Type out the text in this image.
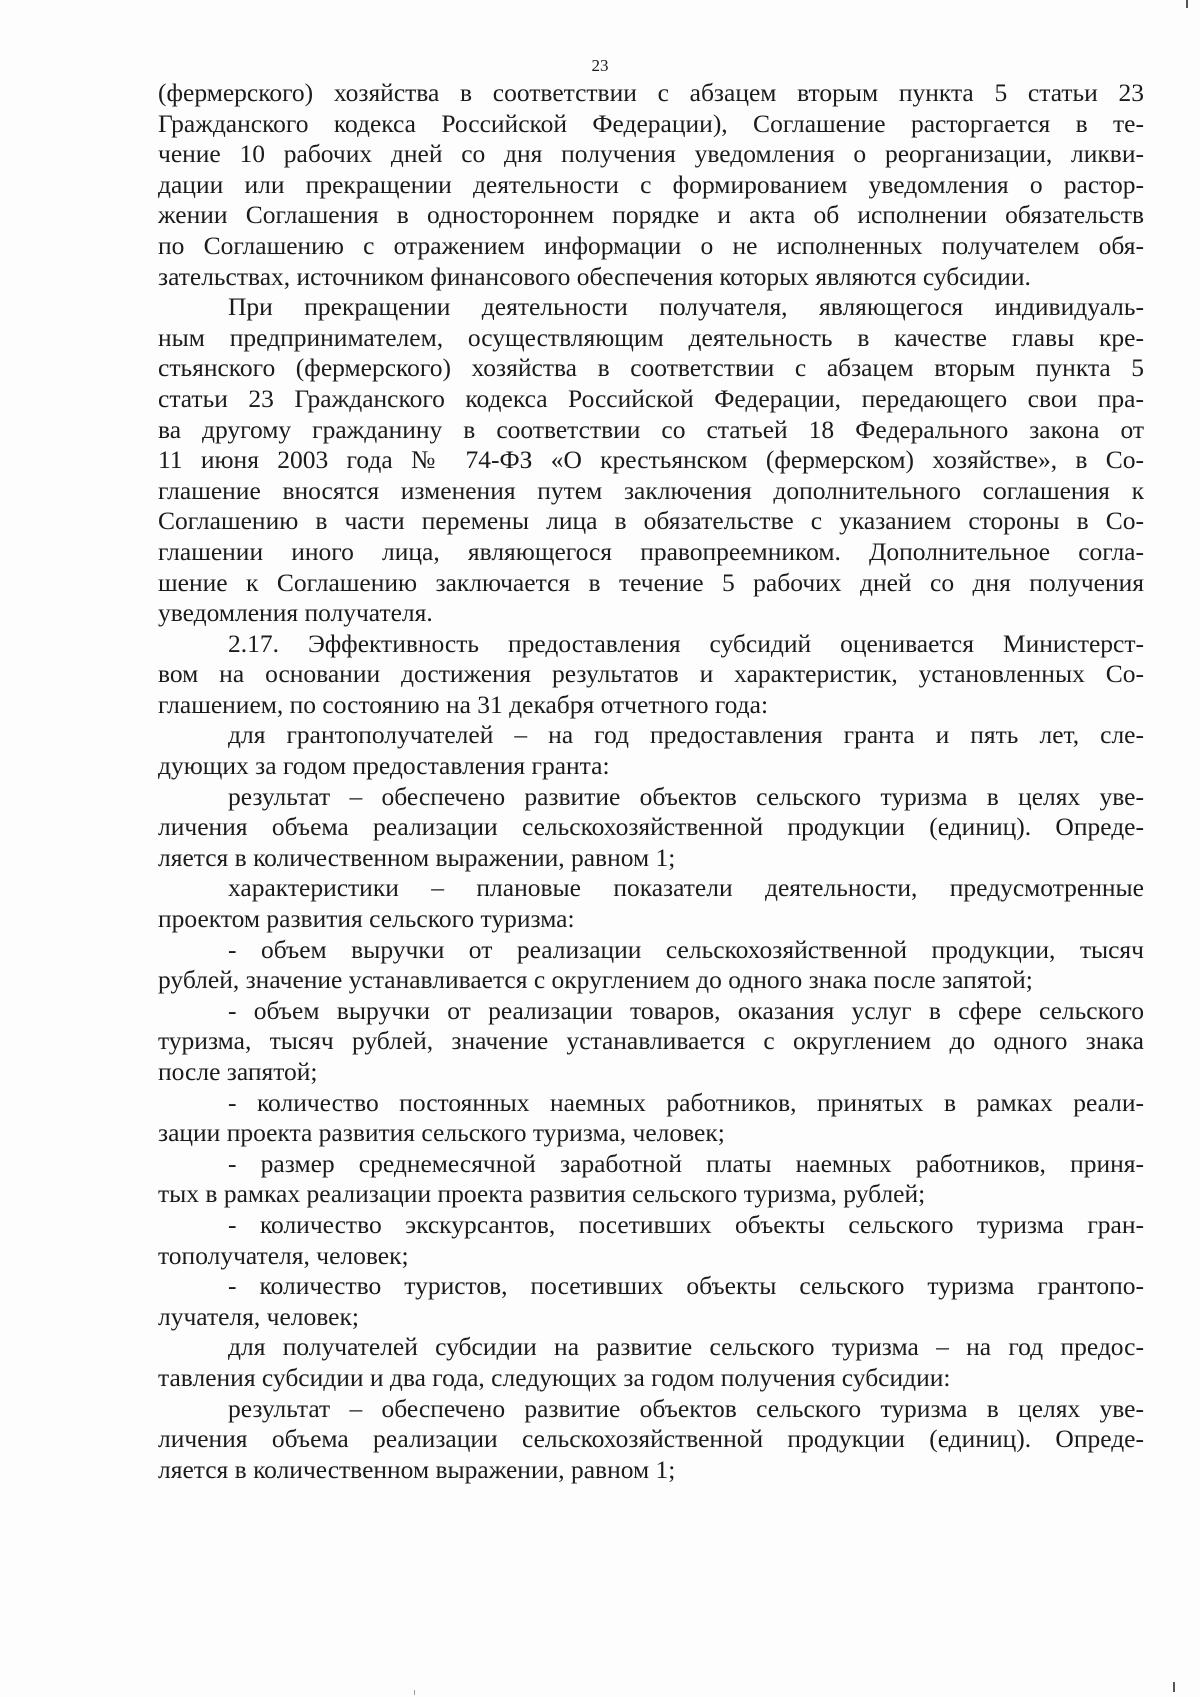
23
(фермерского) хозяйства в соответствии с абзацем вторым пункта 5 статьи 23
Гражданского кодекса Российской Федерации), Соглашение расторгается в те-
чение 10 рабочих дней со дня получения уведомления о реорганизации, ликви-
дации или прекращении деятельности с формированием уведомления о растор-
жении Соглашения в одностороннем порядке и акта об исполнении обязательств
по Соглашению с отражением информации о не исполненных получателем обя-
зательствах, источником финансового обеспечения которых являются субсидии.
При прекращении деятельности получателя, являющегося индивидуаль-
ным предпринимателем, осуществляющим деятельность в качестве главы кре-
стьянского (фермерского) хозяйства в соответствии с абзацем вторым пункта 5
статьи 23 Гражданского кодекса Российской Федерации, передающего свои пра-
ва другому гражданину в соответствии со статьей 18 Федерального закона от
11 июня 2003 года № 74-ФЗ «О крестьянском (фермерском) хозяйстве», в Со-
глашение вносятся изменения путем заключения дополнительного соглашения к
Соглашению в части перемены лица в обязательстве с указанием стороны в Со-
глашении иного лица, являющегося правопреемником. Дополнительное согла-
шение к Соглашению заключается в течение 5 рабочих дней со дня получения
уведомления получателя.
2.17. Эффективность предоставления субсидий оценивается Министерст-
вом на основании достижения результатов и характеристик, установленных Со-
глашением, по состоянию на 31 декабря отчетного года:
для грантополучателей – на год предоставления гранта и пять лет, сле-
дующих за годом предоставления гранта:
результат – обеспечено развитие объектов сельского туризма в целях уве-
личения объема реализации сельскохозяйственной продукции (единиц). Опреде-
ляется в количественном выражении, равном 1;
характеристики – плановые показатели деятельности, предусмотренные
проектом развития сельского туризма:
- объем выручки от реализации сельскохозяйственной продукции, тысяч
рублей, значение устанавливается с округлением до одного знака после запятой;
- объем выручки от реализации товаров, оказания услуг в сфере сельского
туризма, тысяч рублей, значение устанавливается с округлением до одного знака
после запятой;
- количество постоянных наемных работников, принятых в рамках реали-
зации проекта развития сельского туризма, человек;
- размер среднемесячной заработной платы наемных работников, приня-
тых в рамках реализации проекта развития сельского туризма, рублей;
- количество экскурсантов, посетивших объекты сельского туризма гран-
тополучателя, человек;
- количество туристов, посетивших объекты сельского туризма грантопо-
лучателя, человек;
для получателей субсидии на развитие сельского туризма – на год предос-
тавления субсидии и два года, следующих за годом получения субсидии:
результат – обеспечено развитие объектов сельского туризма в целях уве-
личения объема реализации сельскохозяйственной продукции (единиц). Опреде-
ляется в количественном выражении, равном 1;
